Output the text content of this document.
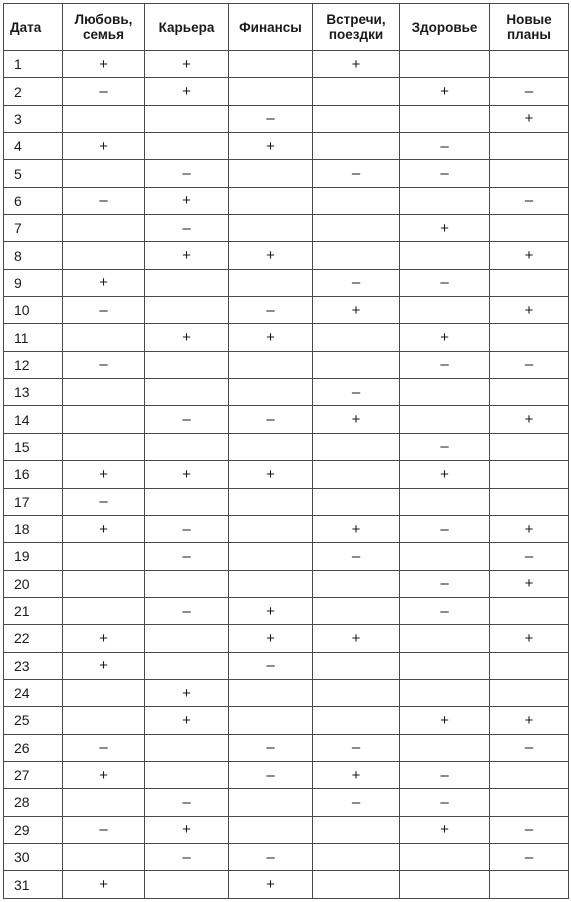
Дата	Любовь,
семья	Карьера	Финансы	Встречи,
поездки	Здоровье	Новые
планы
1	+	+		+		
2	–	+			+	–
3			–			+
4	+		+		–	
5		–		–	–	
6	–	+				–
7		–			+	
8		+	+			+
9	+			–	–	
10	–		–	+		+
11		+	+		+	
12	–				–	–
13				–		
14		–	–	+		+
15					–	
16	+	+	+		+	
17	–					
18	+	–		+	–	+
19		–		–		–
20					–	+
21		–	+		–	
22	+		+	+		+
23	+		–			
24		+				
25		+			+	+
26	–		–	–		–
27	+		–	+	–	
28		–		–	–	
29	–	+			+	–
30		–	–			–
31	+		+			
